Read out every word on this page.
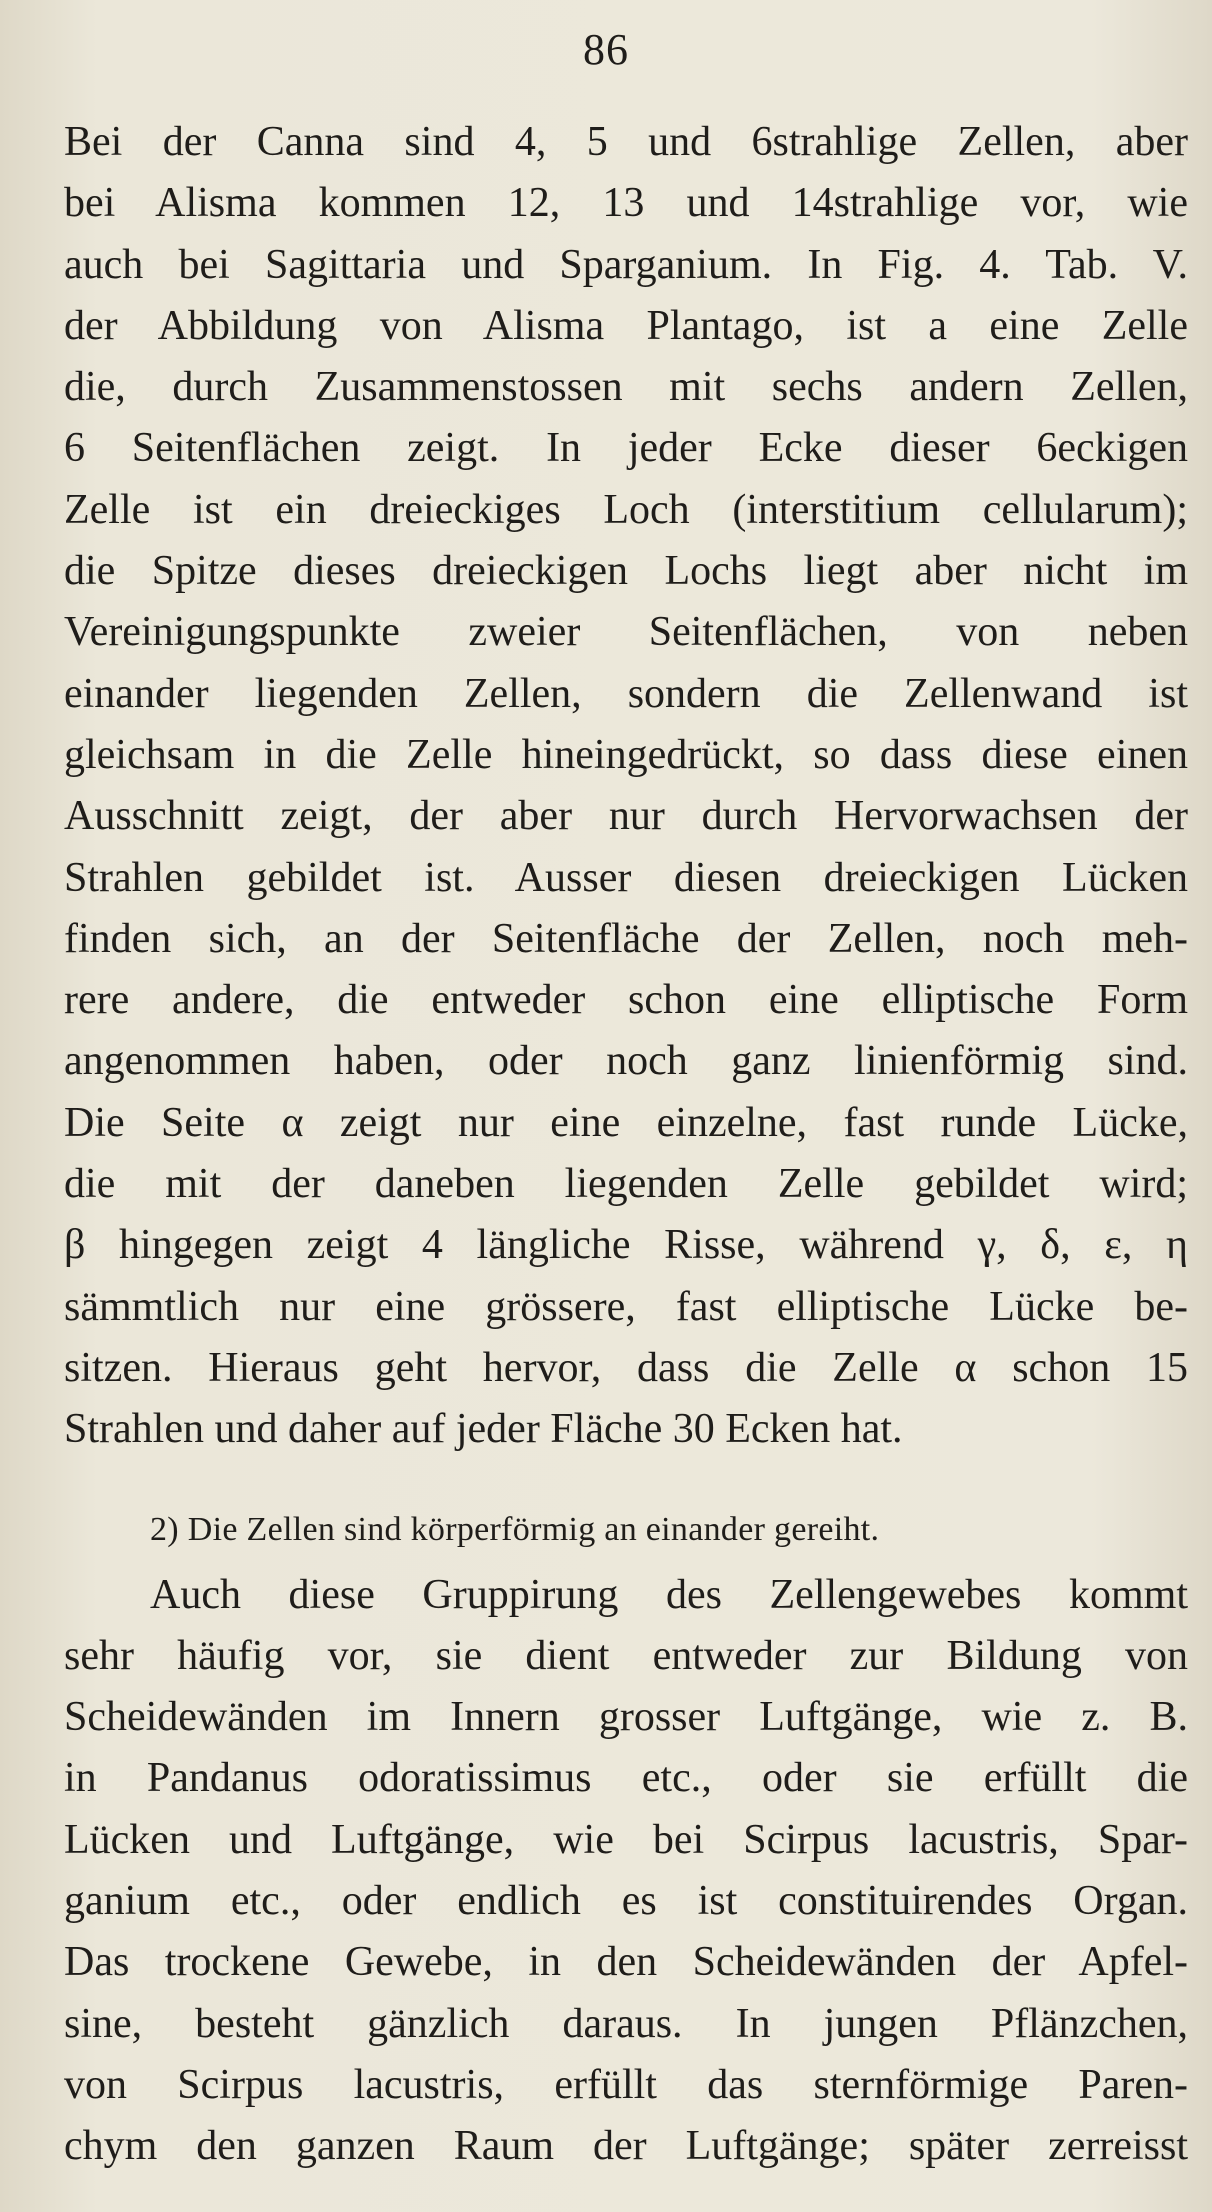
86
Bei der Canna sind 4, 5 und 6strahlige Zellen, aber
bei Alisma kommen 12, 13 und 14strahlige vor, wie
auch bei Sagittaria und Sparganium. In Fig. 4. Tab. V.
der Abbildung von Alisma Plantago, ist a eine Zelle
die, durch Zusammenstossen mit sechs andern Zellen,
6 Seitenflächen zeigt. In jeder Ecke dieser 6eckigen
Zelle ist ein dreieckiges Loch (interstitium cellularum);
die Spitze dieses dreieckigen Lochs liegt aber nicht im
Vereinigungspunkte zweier Seitenflächen, von neben
einander liegenden Zellen, sondern die Zellenwand ist
gleichsam in die Zelle hineingedrückt, so dass diese einen
Ausschnitt zeigt, der aber nur durch Hervorwachsen der
Strahlen gebildet ist. Ausser diesen dreieckigen Lücken
finden sich, an der Seitenfläche der Zellen, noch meh-
rere andere, die entweder schon eine elliptische Form
angenommen haben, oder noch ganz linienförmig sind.
Die Seite α zeigt nur eine einzelne, fast runde Lücke,
die mit der daneben liegenden Zelle gebildet wird;
β hingegen zeigt 4 längliche Risse, während γ, δ, ε, η
sämmtlich nur eine grössere, fast elliptische Lücke be-
sitzen. Hieraus geht hervor, dass die Zelle α schon 15
Strahlen und daher auf jeder Fläche 30 Ecken hat.
2) Die Zellen sind körperförmig an einander gereiht.
Auch diese Gruppirung des Zellengewebes kommt
sehr häufig vor, sie dient entweder zur Bildung von
Scheidewänden im Innern grosser Luftgänge, wie z. B.
in Pandanus odoratissimus etc., oder sie erfüllt die
Lücken und Luftgänge, wie bei Scirpus lacustris, Spar-
ganium etc., oder endlich es ist constituirendes Organ.
Das trockene Gewebe, in den Scheidewänden der Apfel-
sine, besteht gänzlich daraus. In jungen Pflänzchen,
von Scirpus lacustris, erfüllt das sternförmige Paren-
chym den ganzen Raum der Luftgänge; später zerreisst
